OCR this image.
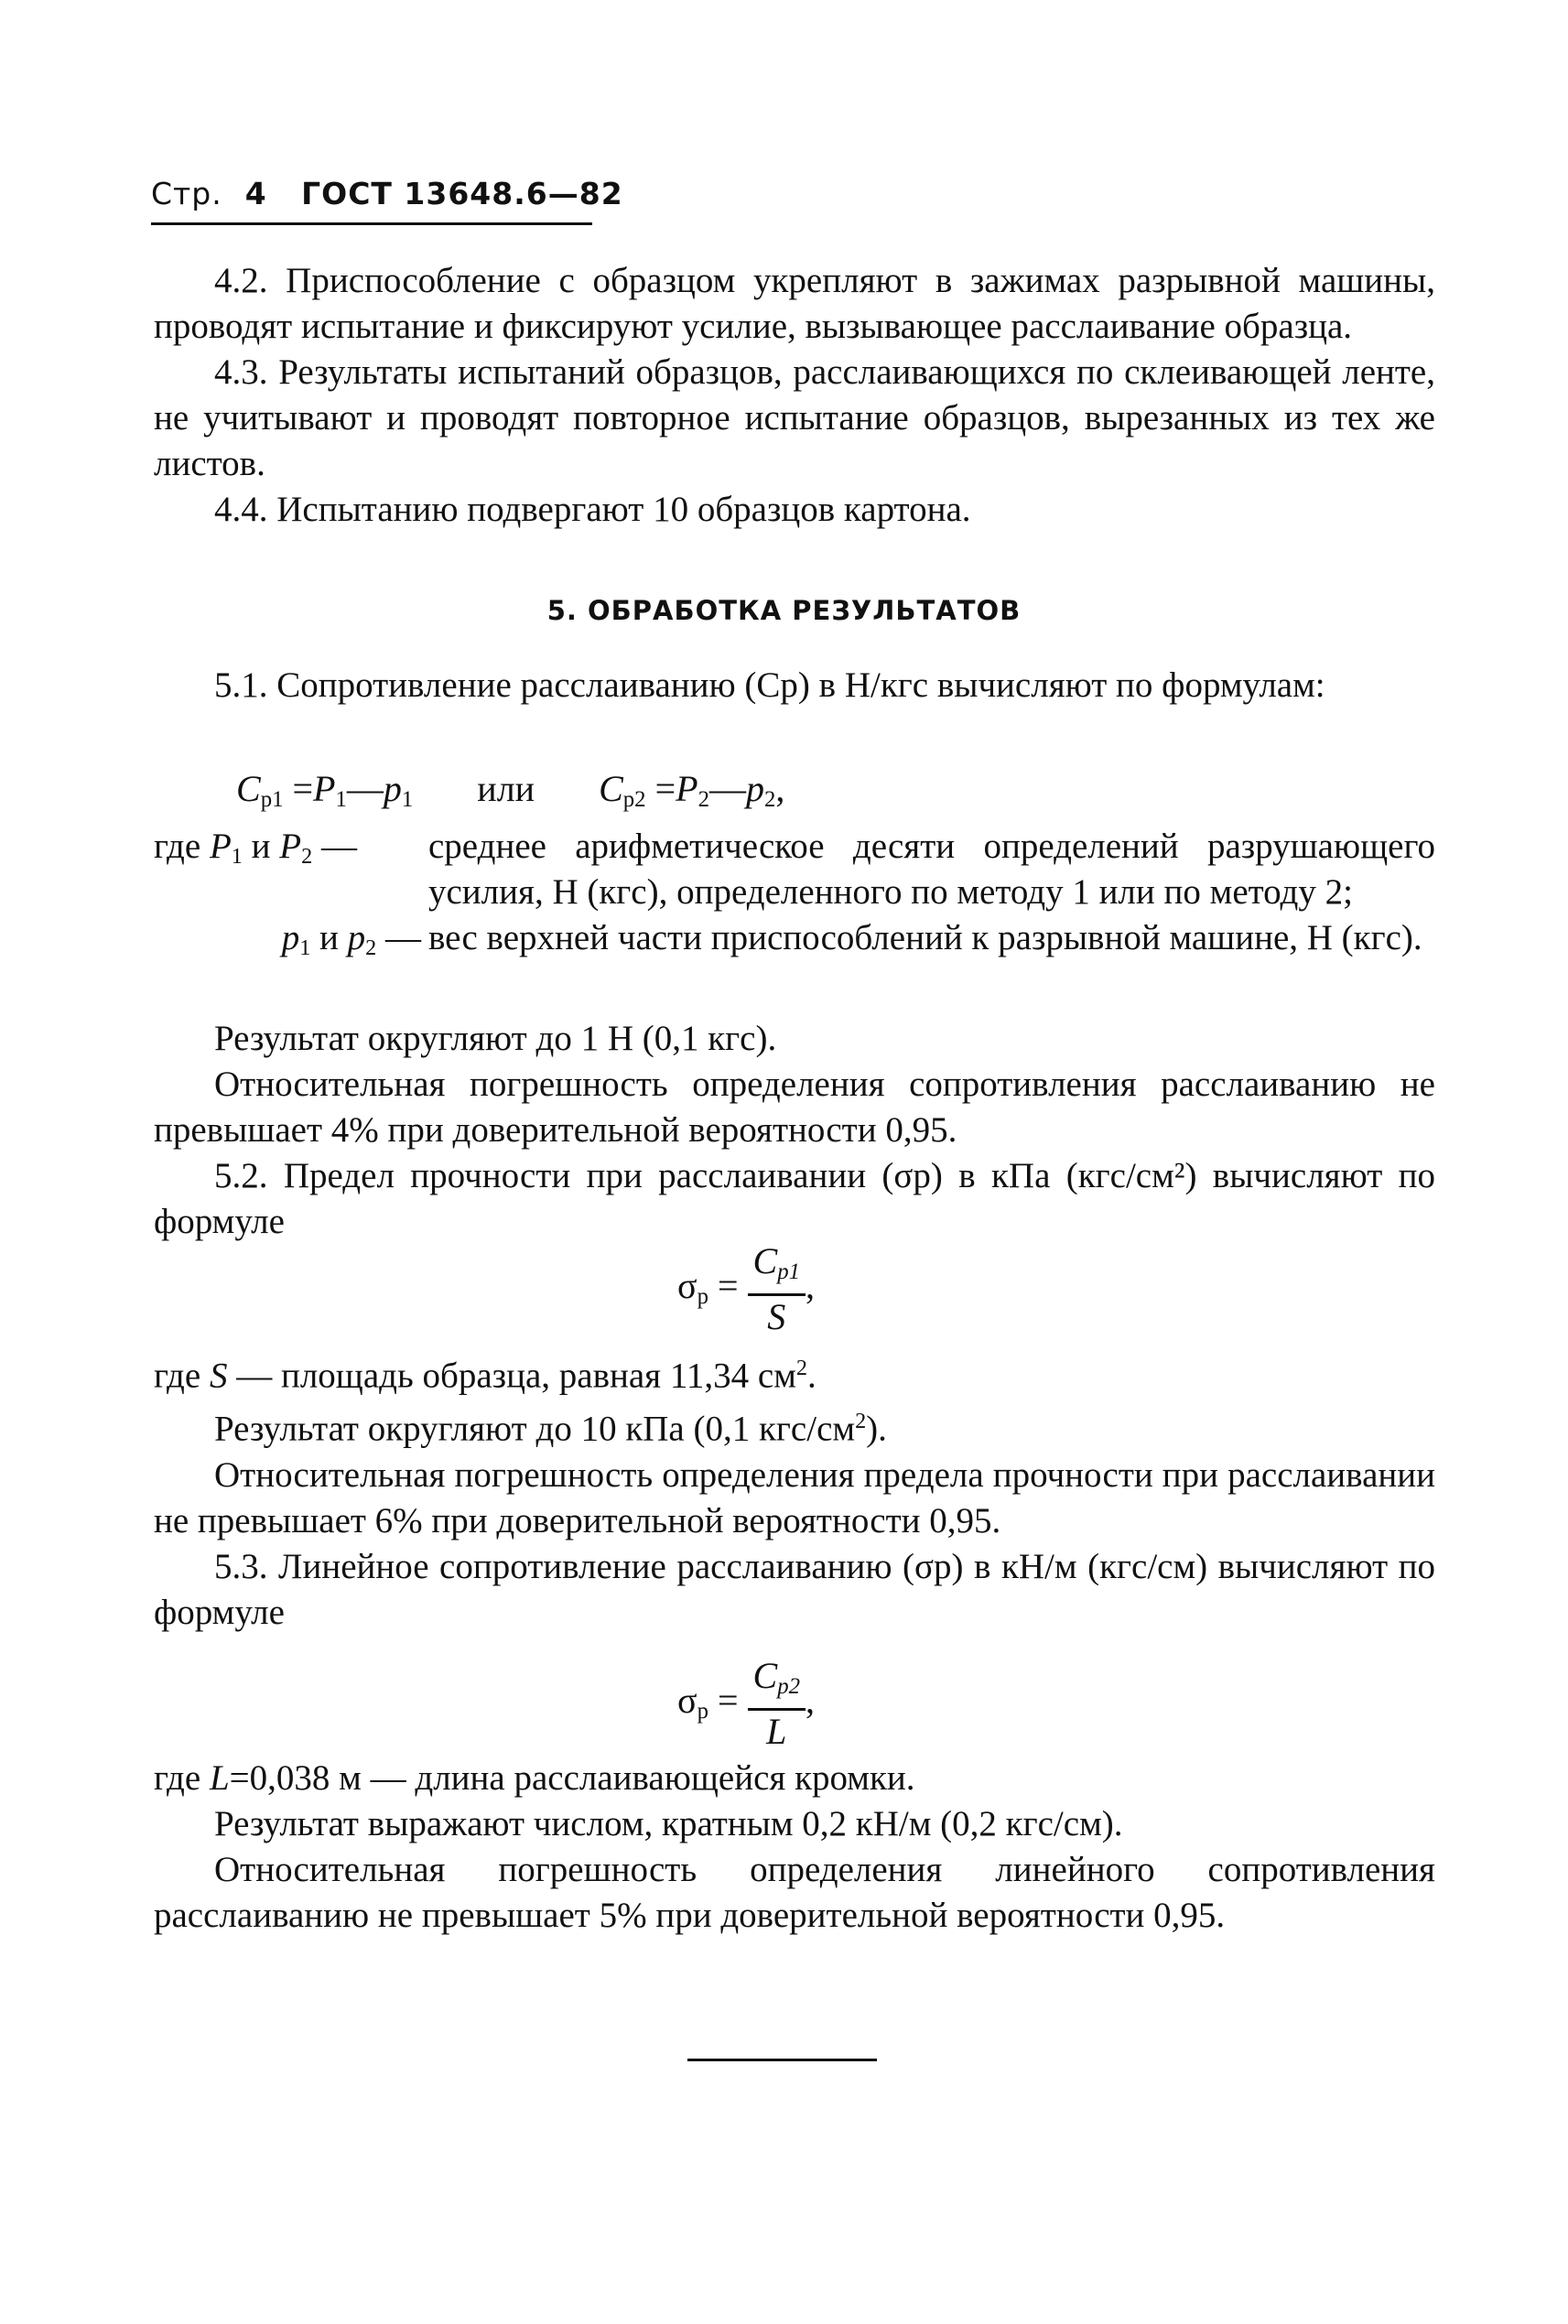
Стр. 4 ГОСТ 13648.6—82

4.2. Приспособление с образцом укрепляют в зажимах разрывной машины, проводят испытание и фиксируют усилие, вызывающее расслаивание образца.

4.3. Результаты испытаний образцов, расслаивающихся по склеивающей ленте, не учитывают и проводят повторное испытание образцов, вырезанных из тех же листов.

4.4. Испытанию подвергают 10 образцов картона.

5. ОБРАБОТКА РЕЗУЛЬТАТОВ

5.1. Сопротивление расслаиванию (Cр) в Н/кгс вычисляют по формулам:

$C_{р1}$ $=P_1—p_1$ или $C_{р2}$ $=P_2—p_2$,
где $P_1$ и $P_2$ —	среднее арифметическое десяти определений разрушающего усилия, Н (кгс), определенного по методу 1 или по методу 2;
$p_1$ и $p_2$ — вес верхней части приспособлений к разрывной машине, Н (кгс).

Результат округляют до 1 Н (0,1 кгс).

Относительная погрешность определения сопротивления расслаиванию не превышает 4% при доверительной вероятности 0,95.

5.2. Предел прочности при расслаивании (σр) в кПа (кгс/см²) вычисляют по формуле

$\sigma_р = \frac{C_{р1}}{S}$ ,

где S — площадь образца, равная 11,34 $см^2$.

Результат округляют до 10 кПа (0,1 кгс/$см^2$).

Относительная погрешность определения предела прочности при расслаивании не превышает 6% при доверительной вероятности 0,95.

5.3. Линейное сопротивление расслаиванию (σр) в кН/м (кгс/см) вычисляют по формуле

$\sigma_р = \frac{C_{р2}}{L}$ ,

где L=0,038 м — длина расслаивающейся кромки.

Результат выражают числом, кратным 0,2 кН/м (0,2 кгс/см).

Относительная погрешность определения линейного сопротивления расслаиванию не превышает 5% при доверительной вероятности 0,95.
